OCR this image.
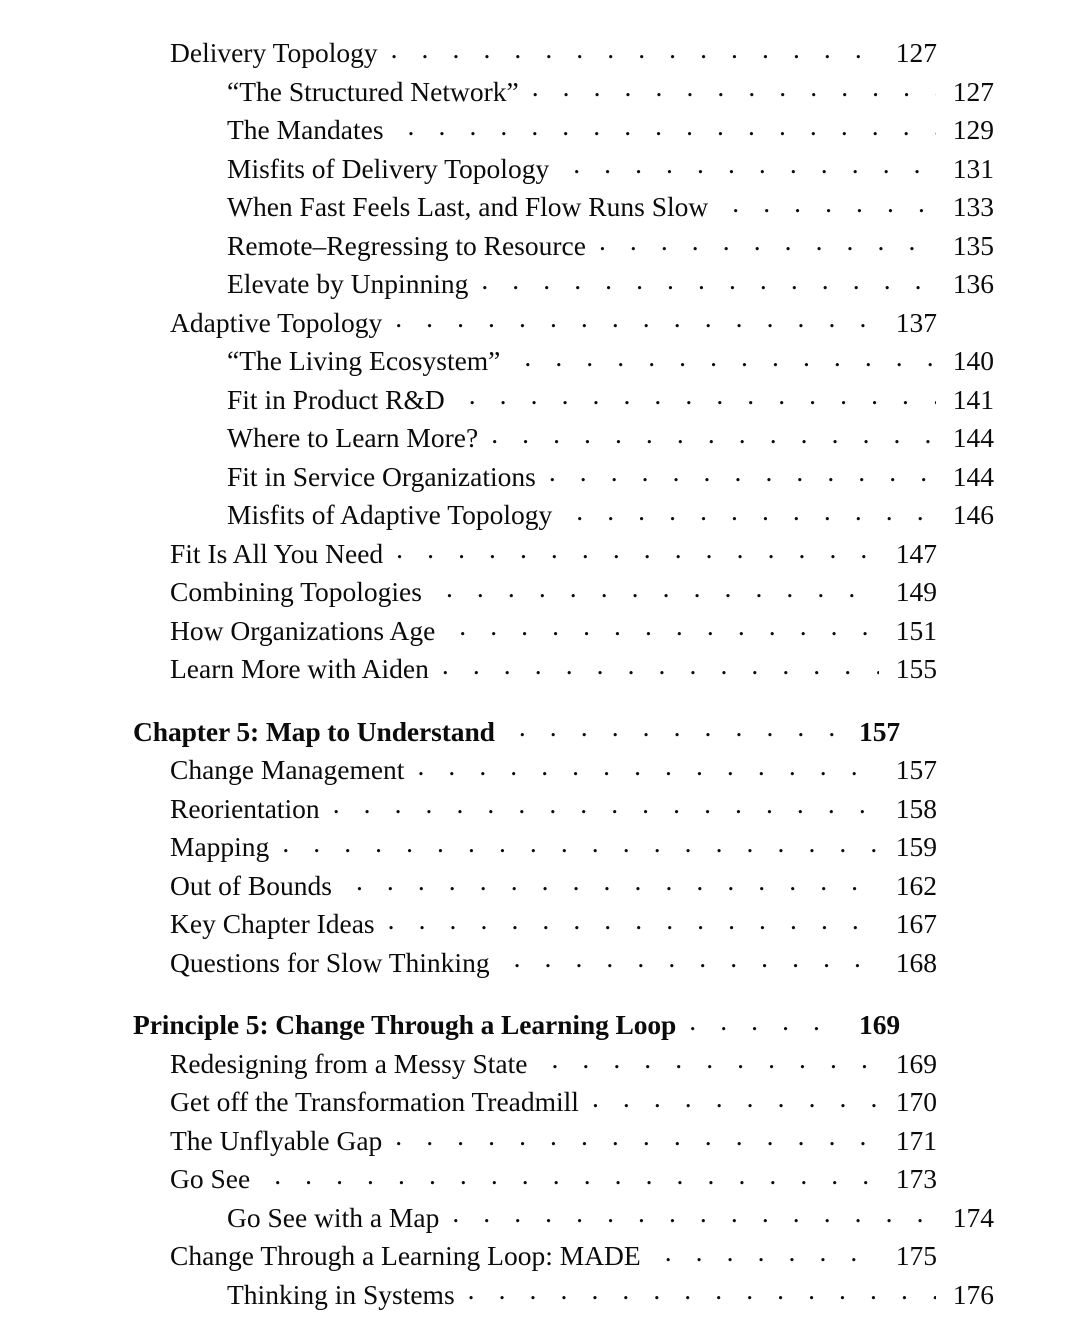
Delivery Topology . . .	127
“The Structured Network” . . .	127
The Mandates . . .	129
Misfits of Delivery Topology . . .	131
When Fast Feels Last, and Flow Runs Slow . . .	133
Remote–Regressing to Resource . . .	135
Elevate by Unpinning . . .	136
Adaptive Topology . . .	137
“The Living Ecosystem” . . .	140
Fit in Product R&D . . .	141
Where to Learn More? . . .	144
Fit in Service Organizations . . .	144
Misfits of Adaptive Topology . . .	146
Fit Is All You Need . . .	147
Combining Topologies . . .	149
How Organizations Age . . .	151
Learn More with Aiden . . .	155
Chapter 5: Map to Understand . . .	157
Change Management . . .	157
Reorientation . . .	158
Mapping . . .	159
Out of Bounds . . .	162
Key Chapter Ideas . . .	167
Questions for Slow Thinking . . .	168
Principle 5: Change Through a Learning Loop . . .	169
Redesigning from a Messy State . . .	169
Get off the Transformation Treadmill . . .	170
The Unflyable Gap . . .	171
Go See . . .	173
Go See with a Map . . .	174
Change Through a Learning Loop: MADE . . .	175
Thinking in Systems . . .	176
